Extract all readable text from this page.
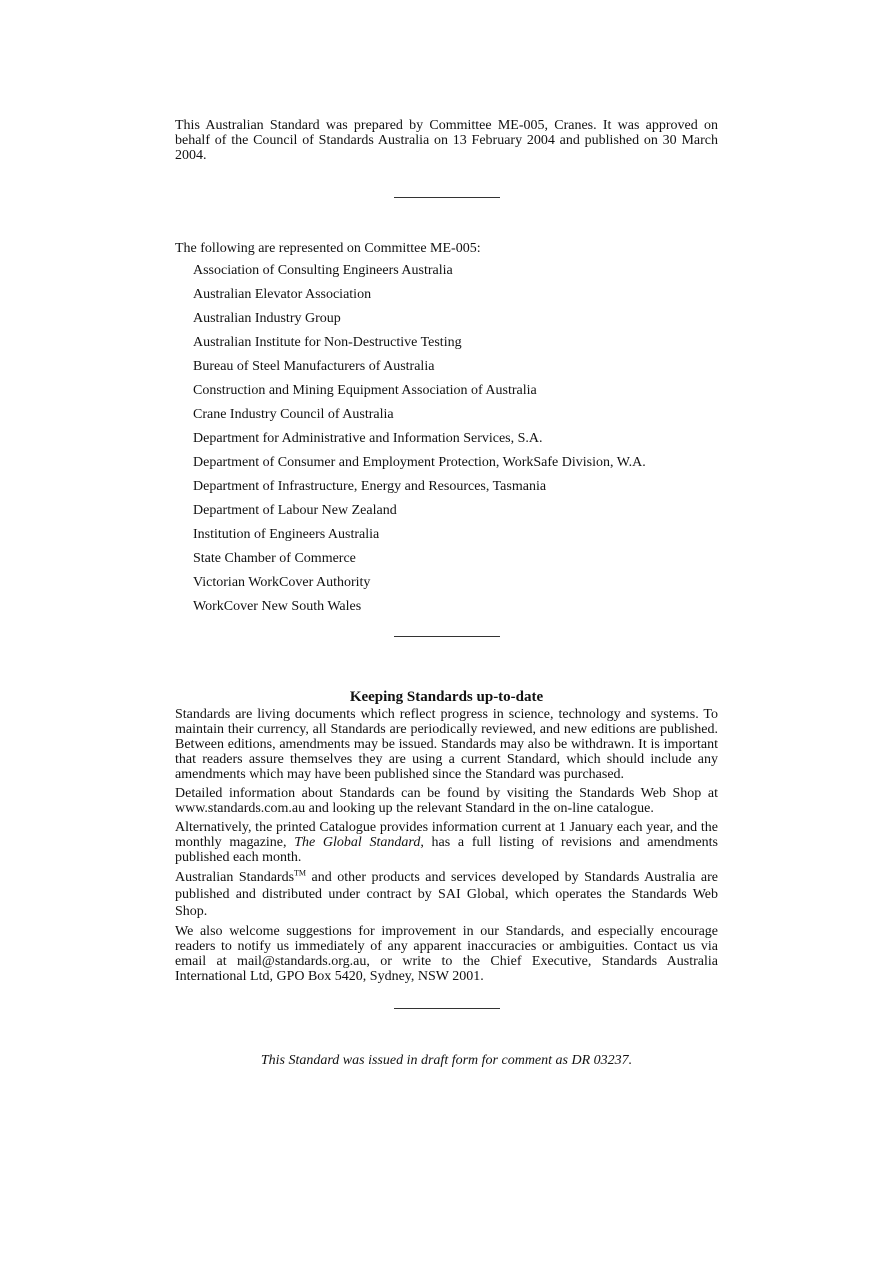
This Australian Standard was prepared by Committee ME-005, Cranes. It was approved on behalf of the Council of Standards Australia on 13 February 2004 and published on 30 March 2004.

The following are represented on Committee ME-005:
Association of Consulting Engineers Australia
Australian Elevator Association
Australian Industry Group
Australian Institute for Non-Destructive Testing
Bureau of Steel Manufacturers of Australia
Construction and Mining Equipment Association of Australia
Crane Industry Council of Australia
Department for Administrative and Information Services, S.A.
Department of Consumer and Employment Protection, WorkSafe Division, W.A.
Department of Infrastructure, Energy and Resources, Tasmania
Department of Labour New Zealand
Institution of Engineers Australia
State Chamber of Commerce
Victorian WorkCover Authority
WorkCover New South Wales
Keeping Standards up-to-date

Standards are living documents which reflect progress in science, technology and systems. To maintain their currency, all Standards are periodically reviewed, and new editions are published. Between editions, amendments may be issued. Standards may also be withdrawn. It is important that readers assure themselves they are using a current Standard, which should include any amendments which may have been published since the Standard was purchased.

Detailed information about Standards can be found by visiting the Standards Web Shop at www.standards.com.au and looking up the relevant Standard in the on-line catalogue.

Alternatively, the printed Catalogue provides information current at 1 January each year, and the monthly magazine, The Global Standard, has a full listing of revisions and amendments published each month.

Australian Standards™ and other products and services developed by Standards Australia are published and distributed under contract by SAI Global, which operates the Standards Web Shop.

We also welcome suggestions for improvement in our Standards, and especially encourage readers to notify us immediately of any apparent inaccuracies or ambiguities. Contact us via email at mail@standards.org.au, or write to the Chief Executive, Standards Australia International Ltd, GPO Box 5420, Sydney, NSW 2001.

This Standard was issued in draft form for comment as DR 03237.
